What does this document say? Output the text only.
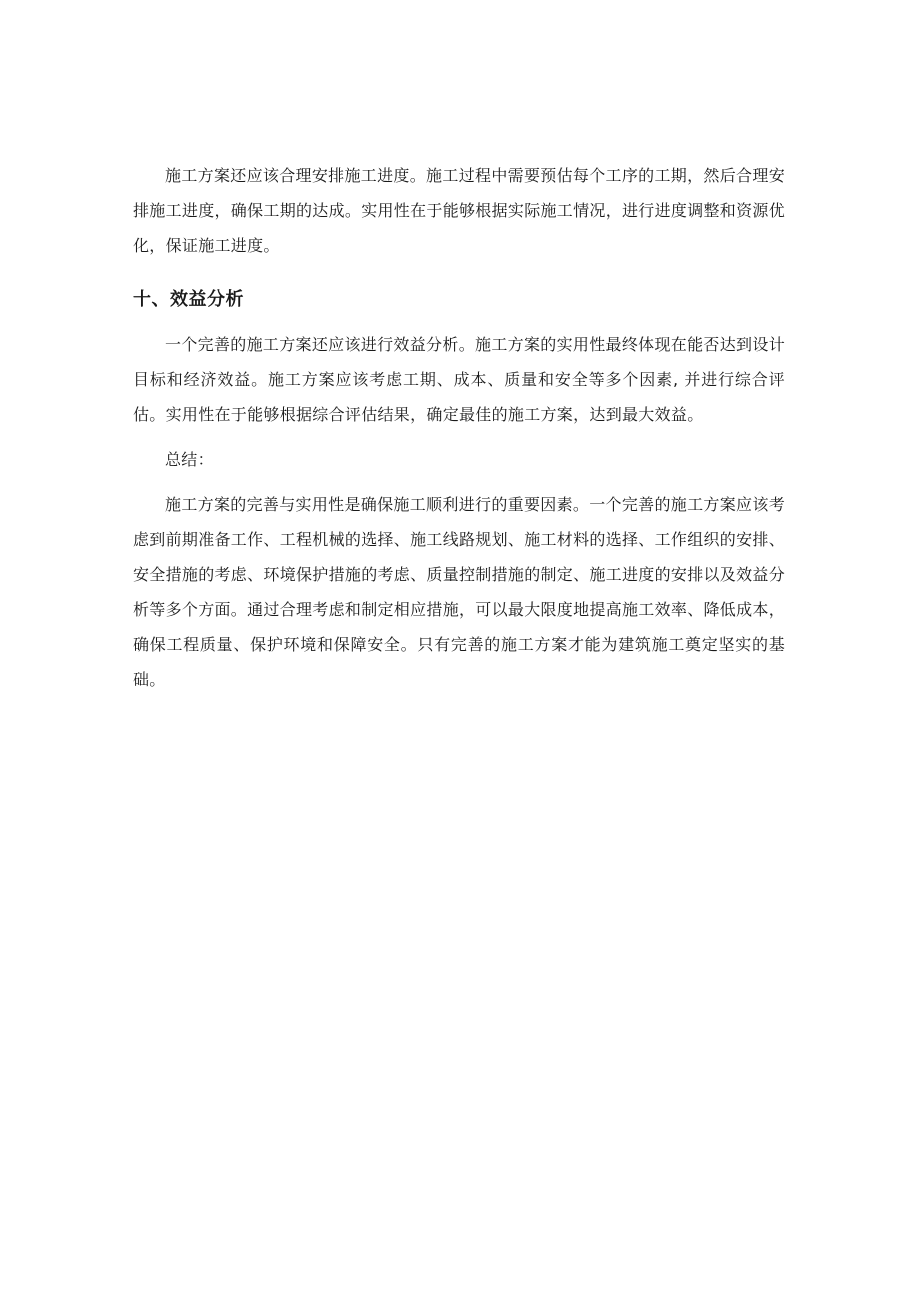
施工方案还应该合理安排施工进度。施工过程中需要预估每个工序的工期，然后合理安排施工进度，确保工期的达成。实用性在于能够根据实际施工情况，进行进度调整和资源优化，保证施工进度。

十、效益分析

一个完善的施工方案还应该进行效益分析。施工方案的实用性最终体现在能否达到设计目标和经济效益。施工方案应该考虑工期、成本、质量和安全等多个因素, 并进行综合评估。实用性在于能够根据综合评估结果，确定最佳的施工方案，达到最大效益。

总结：

施工方案的完善与实用性是确保施工顺利进行的重要因素。一个完善的施工方案应该考虑到前期准备工作、工程机械的选择、施工线路规划、施工材料的选择、工作组织的安排、安全措施的考虑、环境保护措施的考虑、质量控制措施的制定、施工进度的安排以及效益分析等多个方面。通过合理考虑和制定相应措施，可以最大限度地提高施工效率、降低成本，确保工程质量、保护环境和保障安全。只有完善的施工方案才能为建筑施工奠定坚实的基础。
